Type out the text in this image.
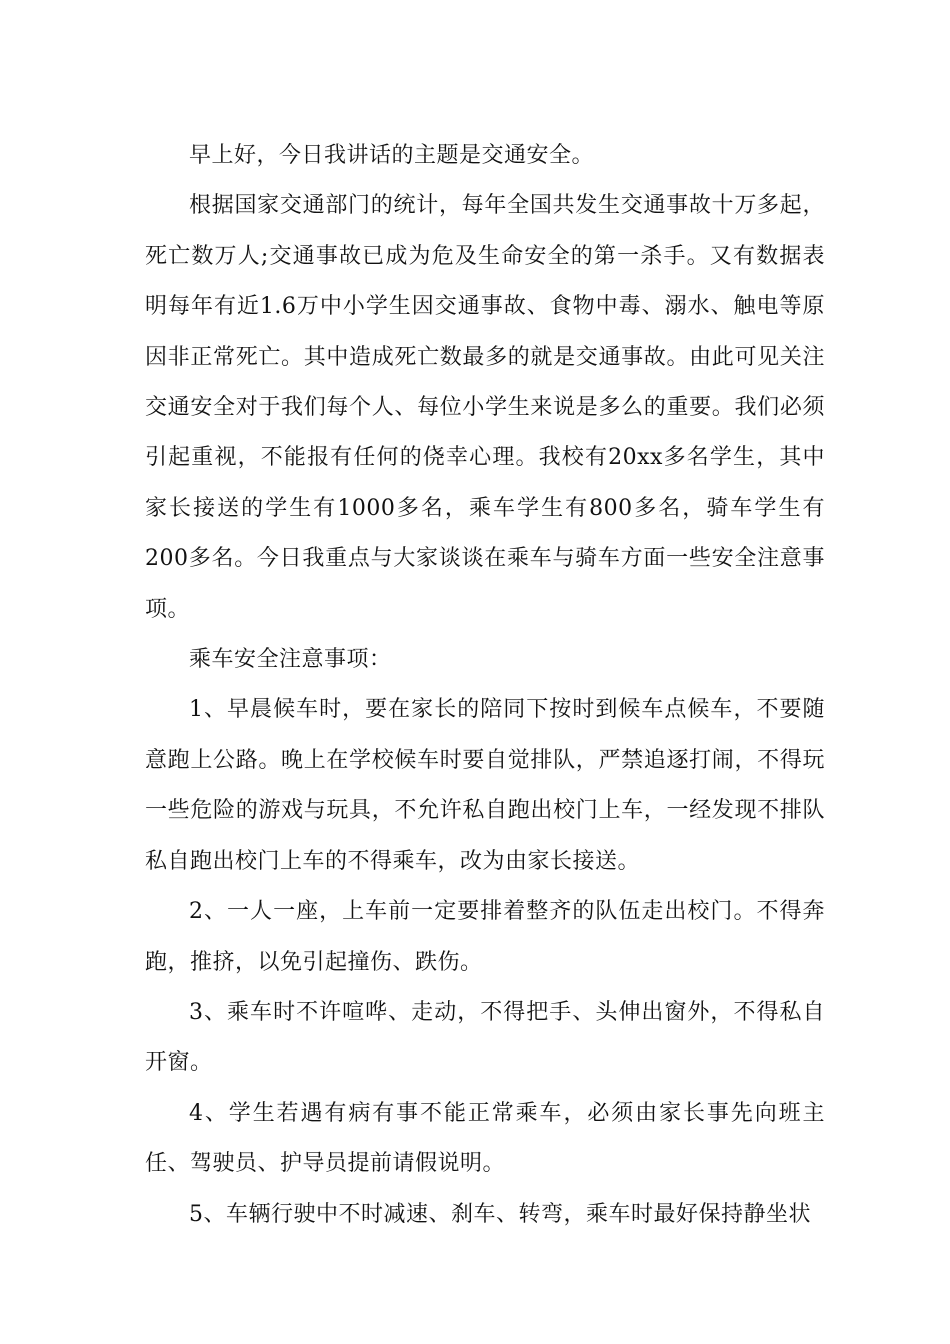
早上好，今日我讲话的主题是交通安全。

根据国家交通部门的统计，每年全国共发生交通事故十万多起，死亡数万人;交通事故已成为危及生命安全的第一杀手。又有数据表明每年有近1.6万中小学生因交通事故、食物中毒、溺水、触电等原因非正常死亡。其中造成死亡数最多的就是交通事故。由此可见关注交通安全对于我们每个人、每位小学生来说是多么的重要。我们必须引起重视，不能报有任何的侥幸心理。我校有20xx多名学生，其中家长接送的学生有1000多名，乘车学生有800多名，骑车学生有200多名。今日我重点与大家谈谈在乘车与骑车方面一些安全注意事项。

乘车安全注意事项：

1、早晨候车时，要在家长的陪同下按时到候车点候车，不要随意跑上公路。晚上在学校候车时要自觉排队，严禁追逐打闹，不得玩一些危险的游戏与玩具，不允许私自跑出校门上车，一经发现不排队私自跑出校门上车的不得乘车，改为由家长接送。

2、一人一座，上车前一定要排着整齐的队伍走出校门。不得奔跑，推挤，以免引起撞伤、跌伤。

3、乘车时不许喧哗、走动，不得把手、头伸出窗外，不得私自开窗。

4、学生若遇有病有事不能正常乘车，必须由家长事先向班主任、驾驶员、护导员提前请假说明。

5、车辆行驶中不时减速、刹车、转弯，乘车时最好保持静坐状
